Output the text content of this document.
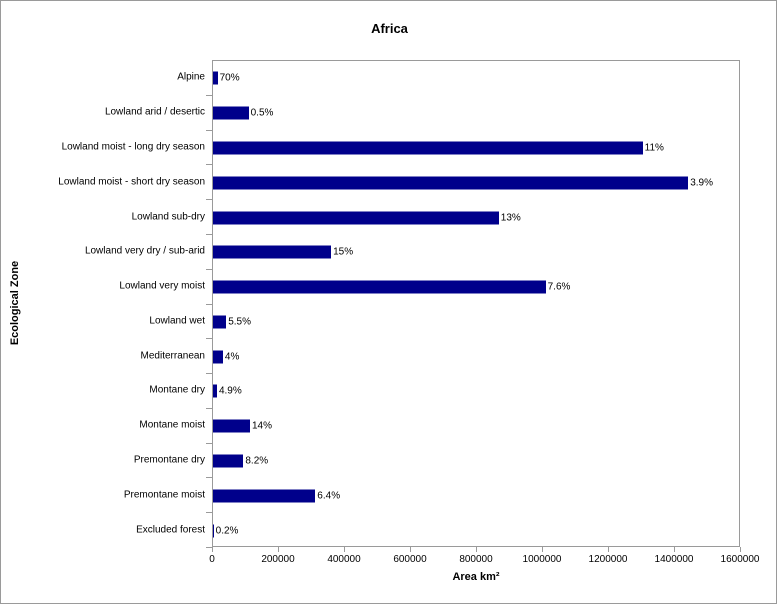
Africa
Ecological Zone
Alpine
Lowland arid / desertic
Lowland moist - long dry season
Lowland moist - short dry season
Lowland sub-dry
Lowland very dry / sub-arid
Lowland very moist
Lowland wet
Mediterranean
Montane dry
Montane moist
Premontane dry
Premontane moist
Excluded forest
70%
0.5%
11%
3.9%
13%
15%
7.6%
5.5%
4%
4.9%
14%
8.2%
6.4%
0.2%
0	200000	400000	600000	800000	1000000	1200000	1400000	1600000
Area km²
